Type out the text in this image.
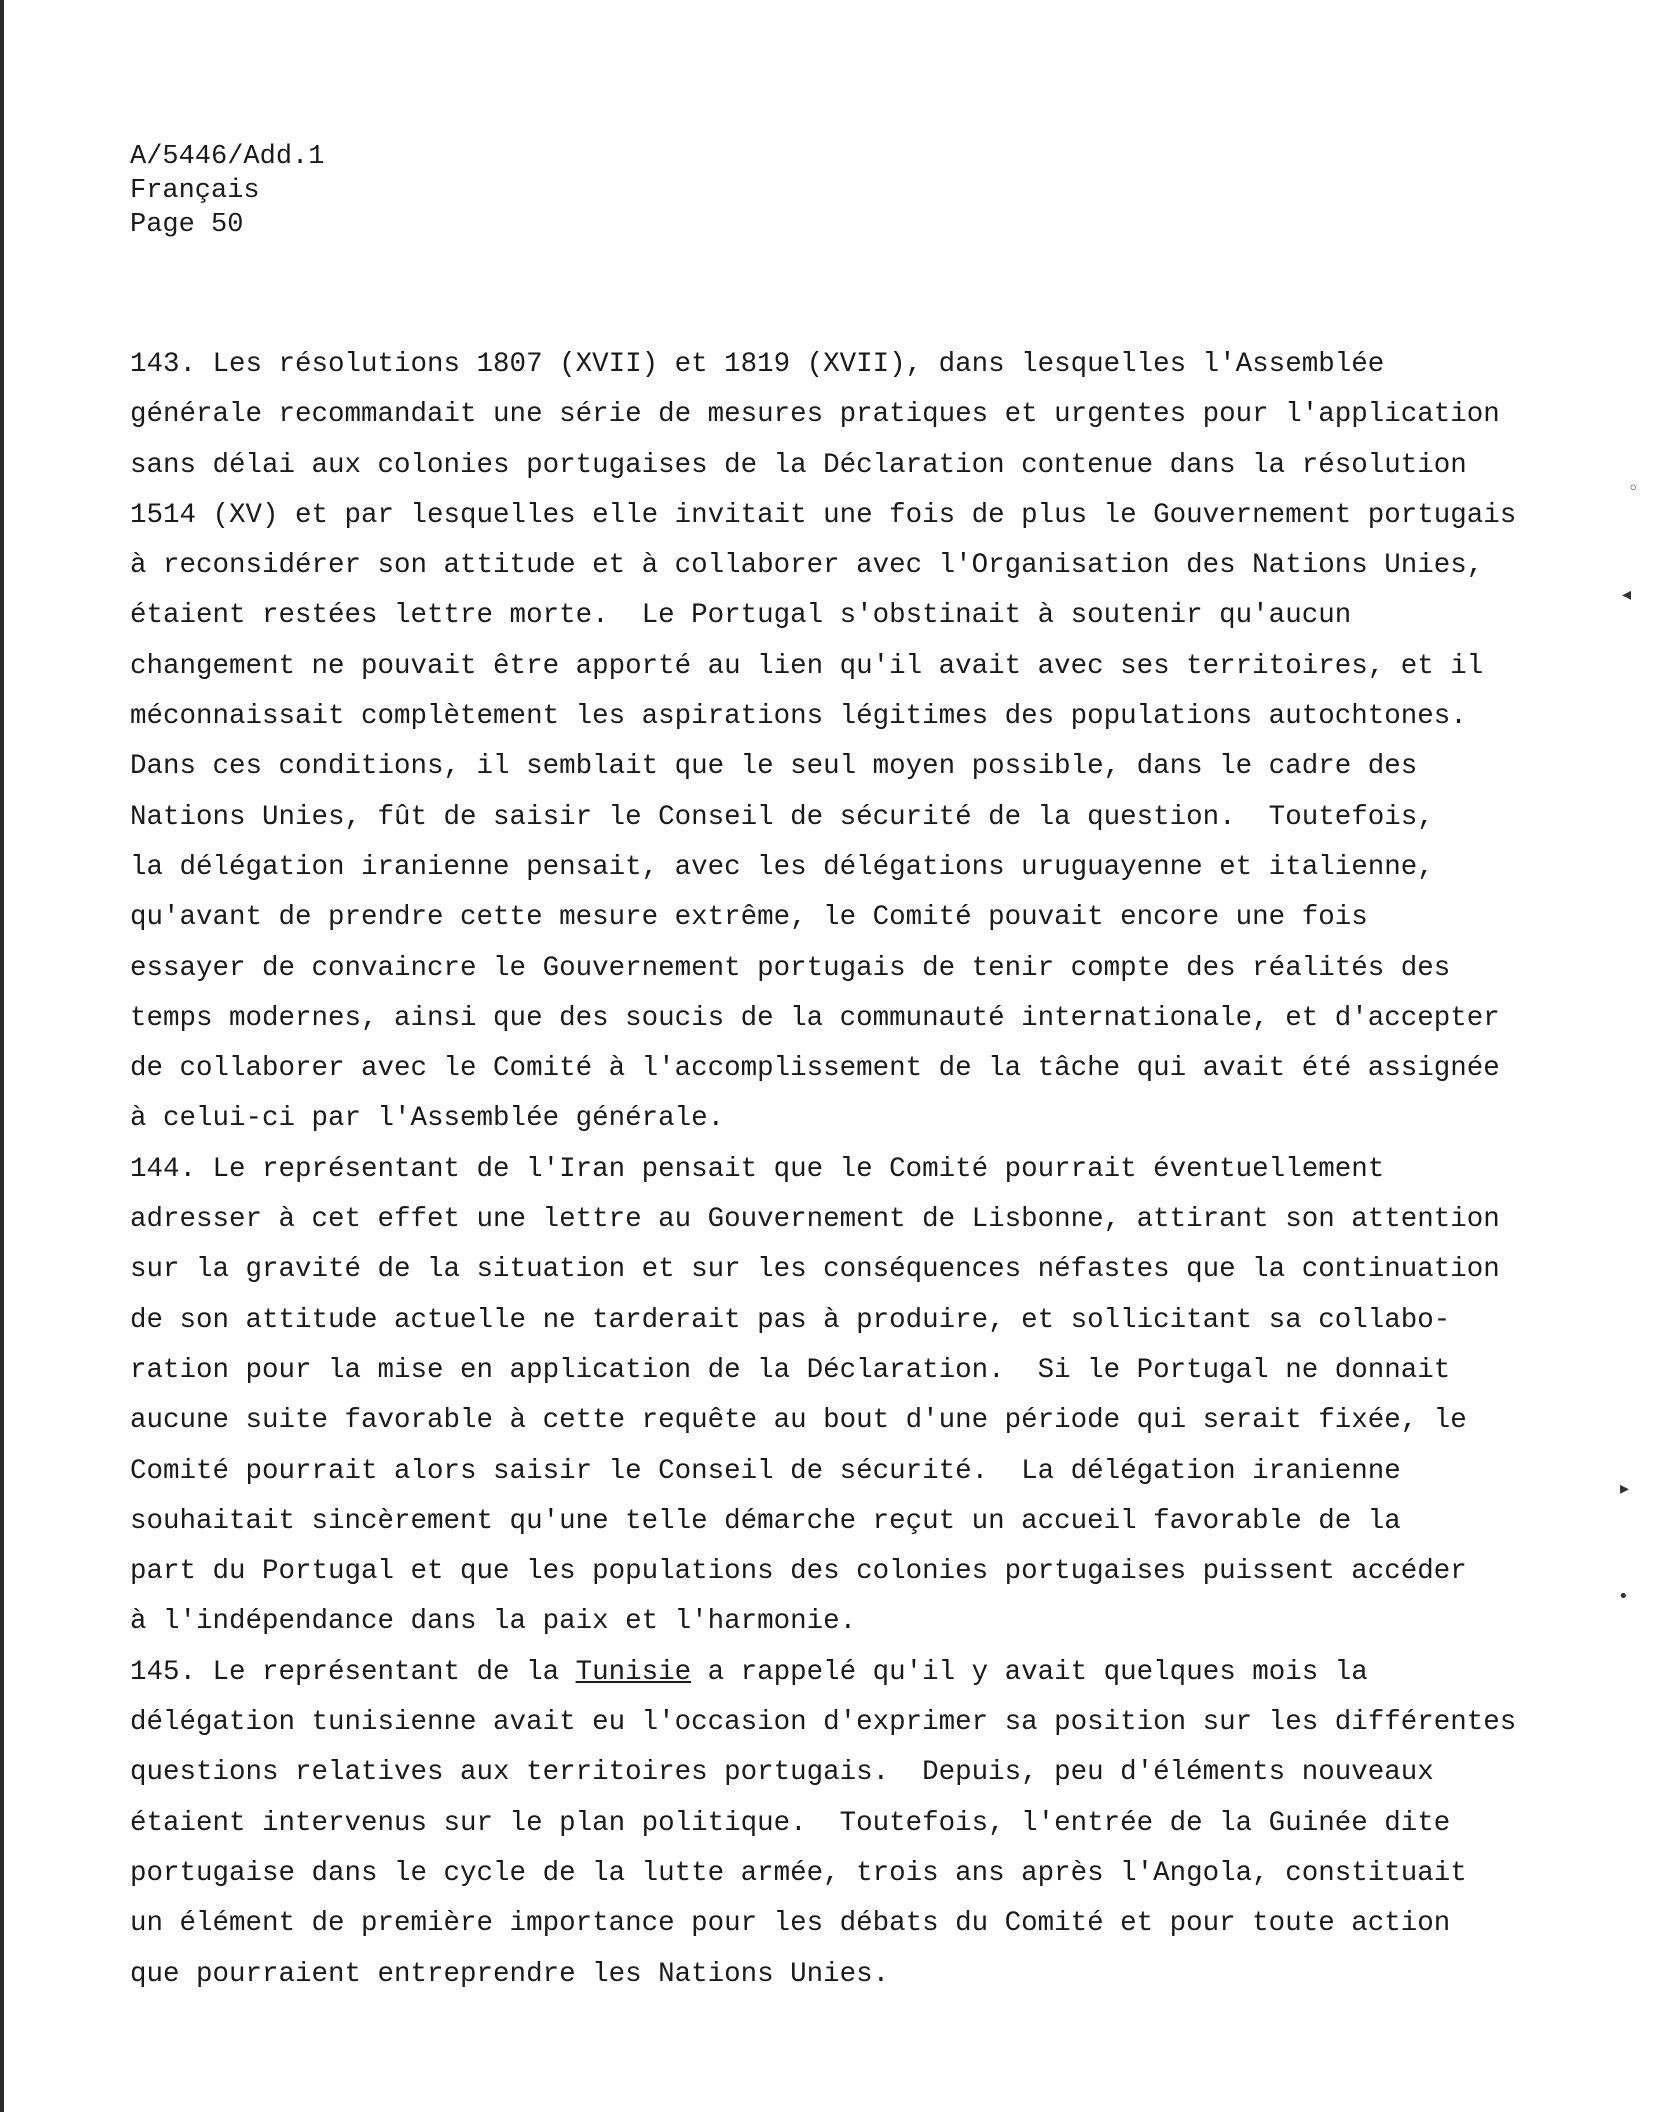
A/5446/Add.1
Français
Page 50
143. Les résolutions 1807 (XVII) et 1819 (XVII), dans lesquelles l'Assemblée
générale recommandait une série de mesures pratiques et urgentes pour l'application
sans délai aux colonies portugaises de la Déclaration contenue dans la résolution
1514 (XV) et par lesquelles elle invitait une fois de plus le Gouvernement portugais
à reconsidérer son attitude et à collaborer avec l'Organisation des Nations Unies,
étaient restées lettre morte.  Le Portugal s'obstinait à soutenir qu'aucun
changement ne pouvait être apporté au lien qu'il avait avec ses territoires, et il
méconnaissait complètement les aspirations légitimes des populations autochtones.
Dans ces conditions, il semblait que le seul moyen possible, dans le cadre des
Nations Unies, fût de saisir le Conseil de sécurité de la question.  Toutefois,
la délégation iranienne pensait, avec les délégations uruguayenne et italienne,
qu'avant de prendre cette mesure extrême, le Comité pouvait encore une fois
essayer de convaincre le Gouvernement portugais de tenir compte des réalités des
temps modernes, ainsi que des soucis de la communauté internationale, et d'accepter
de collaborer avec le Comité à l'accomplissement de la tâche qui avait été assignée
à celui-ci par l'Assemblée générale.
144. Le représentant de l'Iran pensait que le Comité pourrait éventuellement
adresser à cet effet une lettre au Gouvernement de Lisbonne, attirant son attention
sur la gravité de la situation et sur les conséquences néfastes que la continuation
de son attitude actuelle ne tarderait pas à produire, et sollicitant sa collabo-
ration pour la mise en application de la Déclaration.  Si le Portugal ne donnait
aucune suite favorable à cette requête au bout d'une période qui serait fixée, le
Comité pourrait alors saisir le Conseil de sécurité.  La délégation iranienne
souhaitait sincèrement qu'une telle démarche reçut un accueil favorable de la
part du Portugal et que les populations des colonies portugaises puissent accéder
à l'indépendance dans la paix et l'harmonie.
145. Le représentant de la Tunisie a rappelé qu'il y avait quelques mois la
délégation tunisienne avait eu l'occasion d'exprimer sa position sur les différentes
questions relatives aux territoires portugais.  Depuis, peu d'éléments nouveaux
étaient intervenus sur le plan politique.  Toutefois, l'entrée de la Guinée dite
portugaise dans le cycle de la lutte armée, trois ans après l'Angola, constituait
un élément de première importance pour les débats du Comité et pour toute action
que pourraient entreprendre les Nations Unies.
◦
◂
▸
•
